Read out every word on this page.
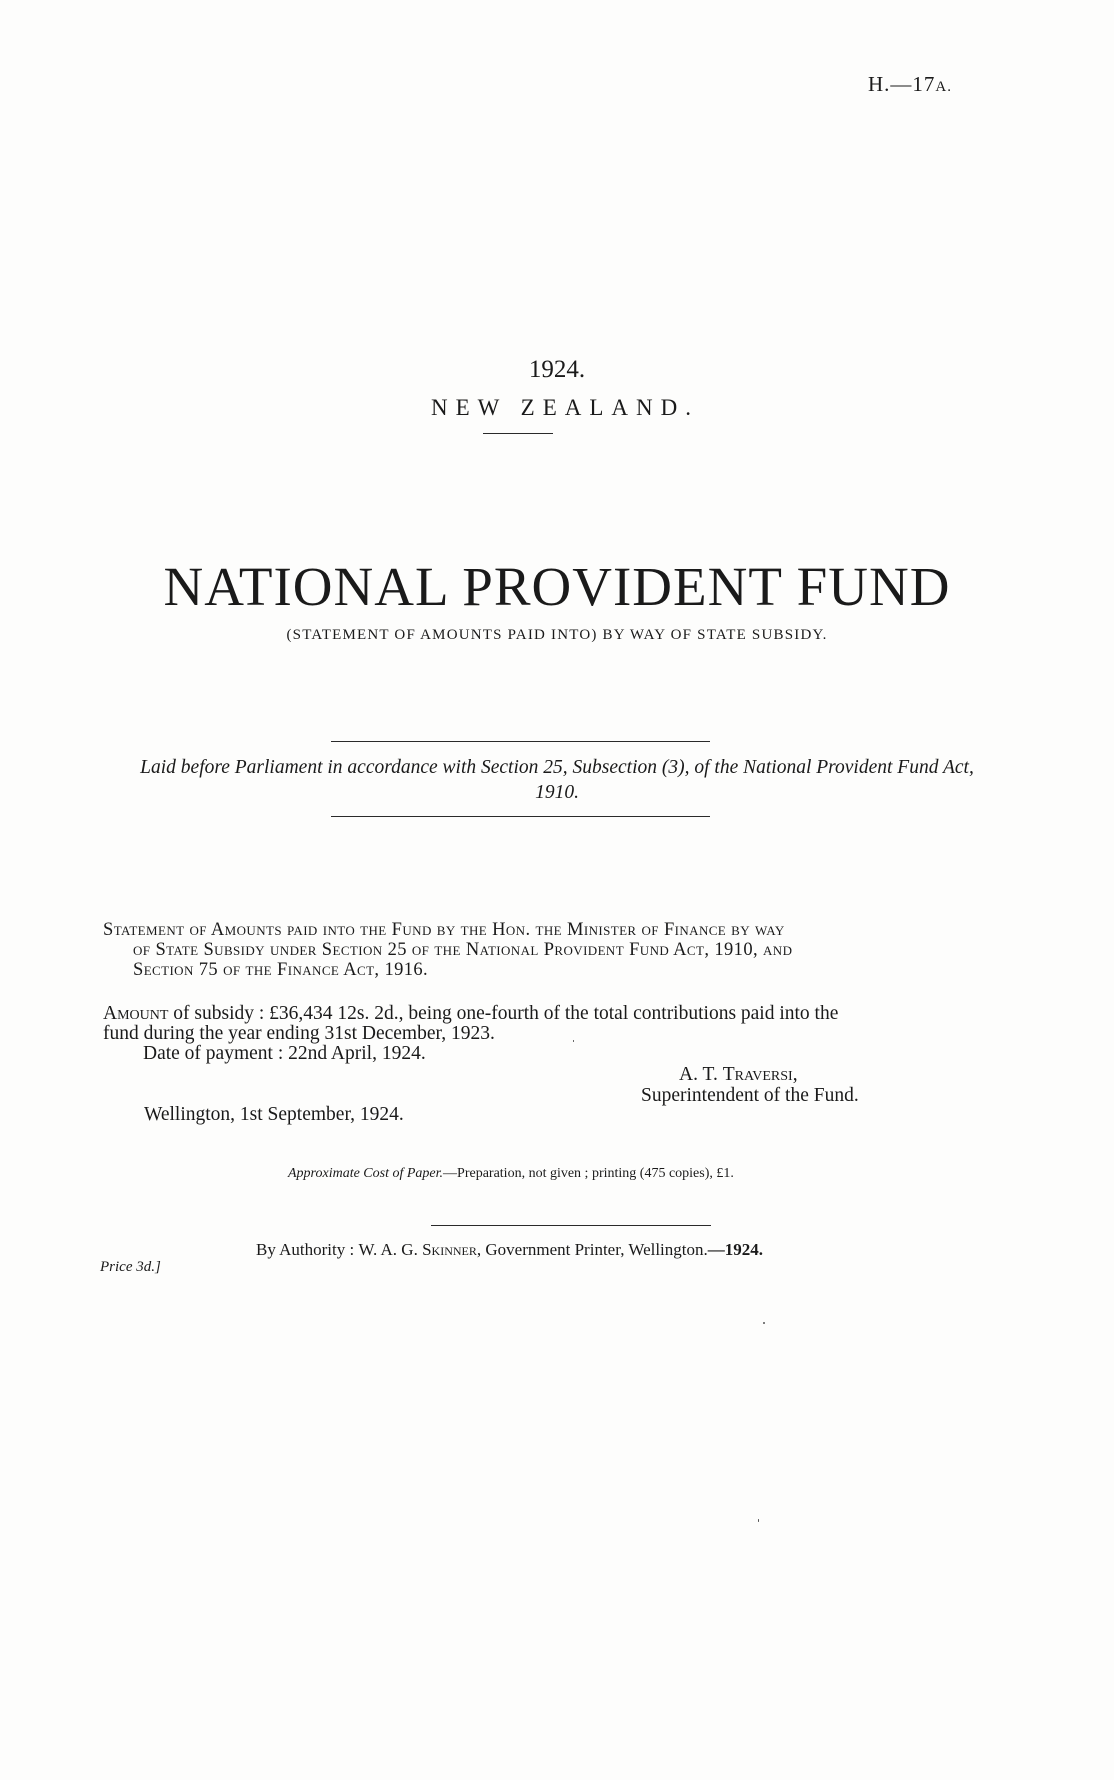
H.—17A.
1924.
NEW ZEALAND.
NATIONAL PROVIDENT FUND
(STATEMENT OF AMOUNTS PAID INTO) BY WAY OF STATE SUBSIDY.
Laid before Parliament in accordance with Section 25, Subsection (3), of the National Provident Fund Act, 1910.
Statement of Amounts paid into the Fund by the Hon. the Minister of Finance by way
of State Subsidy under Section 25 of the National Provident Fund Act, 1910, and
Section 75 of the Finance Act, 1916.
Amount of subsidy : £36,434 12s. 2d., being one-fourth of the total contributions paid into the
fund during the year ending 31st December, 1923.
Date of payment : 22nd April, 1924.
A. T. Traversi,
Superintendent of the Fund.
Wellington, 1st September, 1924.
Approximate Cost of Paper.—Preparation, not given ; printing (475 copies), £1.
By Authority : W. A. G. Skinner, Government Printer, Wellington.—1924.
Price 3d.]
